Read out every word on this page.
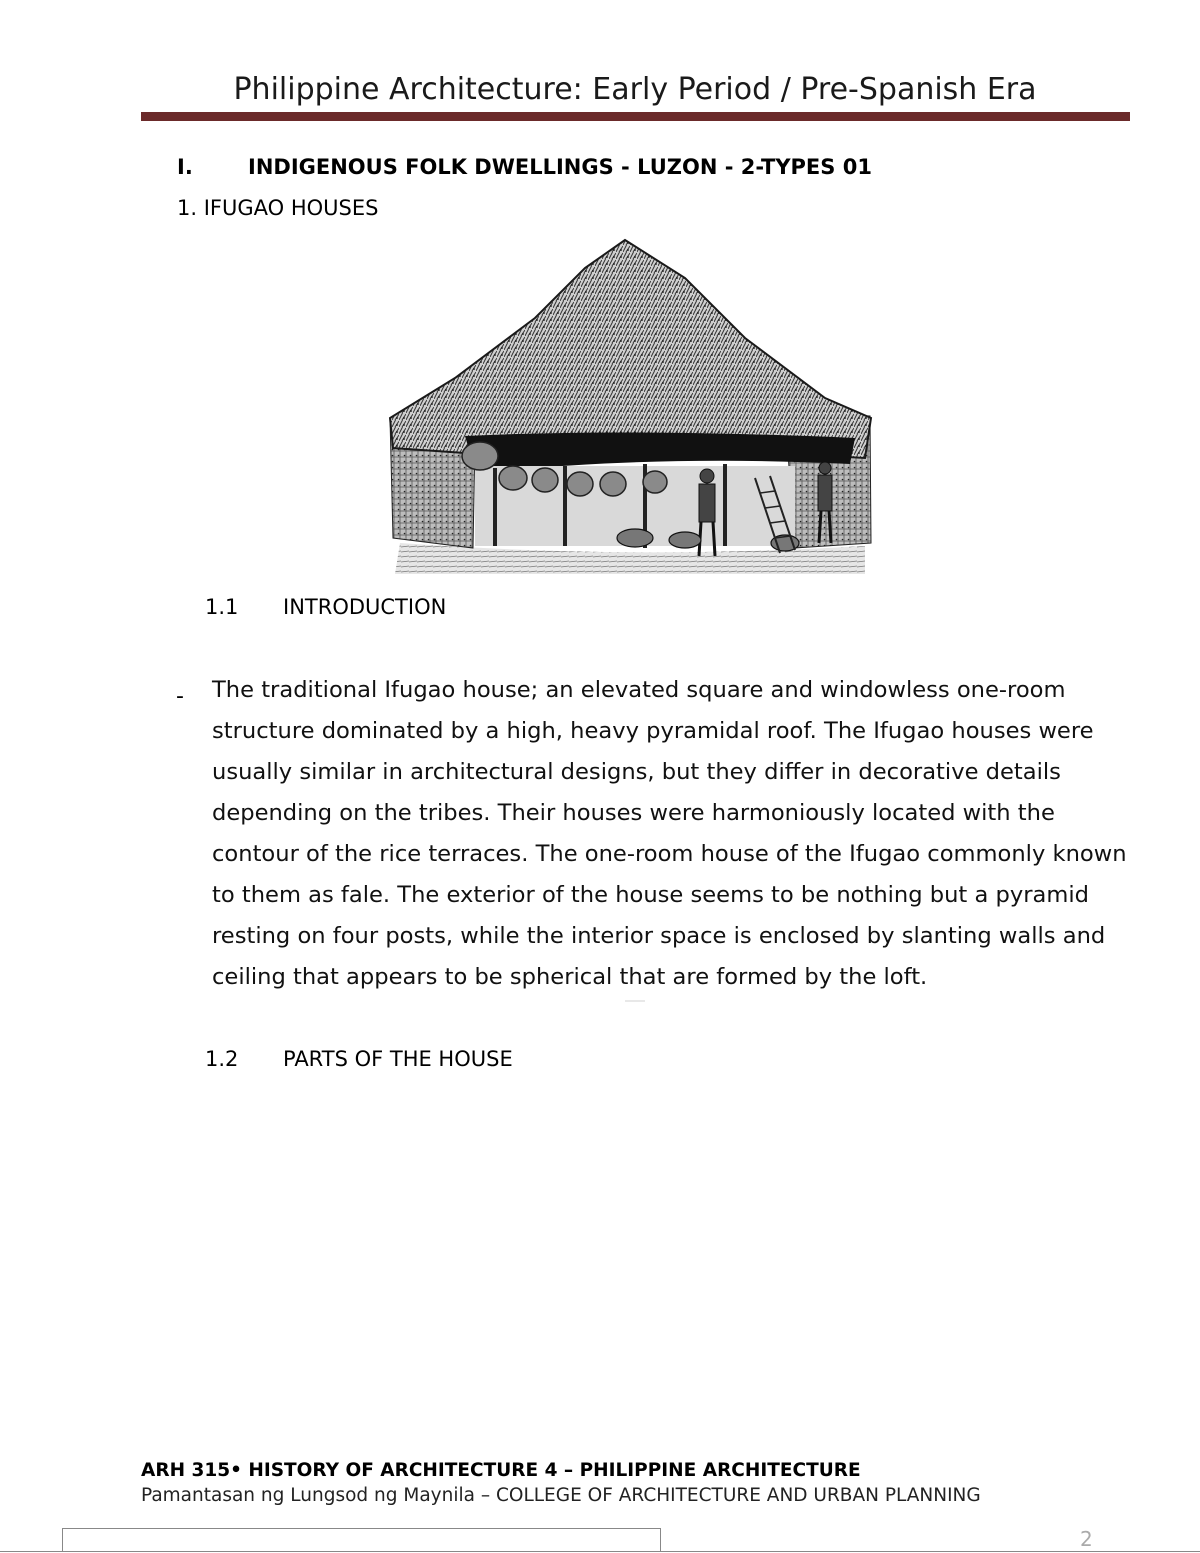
Philippine Architecture: Early Period / Pre-Spanish Era
I.	INDIGENOUS FOLK DWELLINGS - LUZON - 2-TYPES 01
1. IFUGAO HOUSES
1.1 INTRODUCTION
- The traditional Ifugao house; an elevated square and windowless one-room structure dominated by a high, heavy pyramidal roof. The Ifugao houses were usually similar in architectural designs, but they differ in decorative details depending on the tribes. Their houses were harmoniously located with the contour of the rice terraces. The one-room house of the Ifugao commonly known to them as fale. The exterior of the house seems to be nothing but a pyramid resting on four posts, while the interior space is enclosed by slanting walls and ceiling that appears to be spherical that are formed by the loft.
1.2 PARTS OF THE HOUSE
ARH 315• HISTORY OF ARCHITECTURE 4 – PHILIPPINE ARCHITECTURE
Pamantasan ng Lungsod ng Maynila – COLLEGE OF ARCHITECTURE AND URBAN PLANNING
2
